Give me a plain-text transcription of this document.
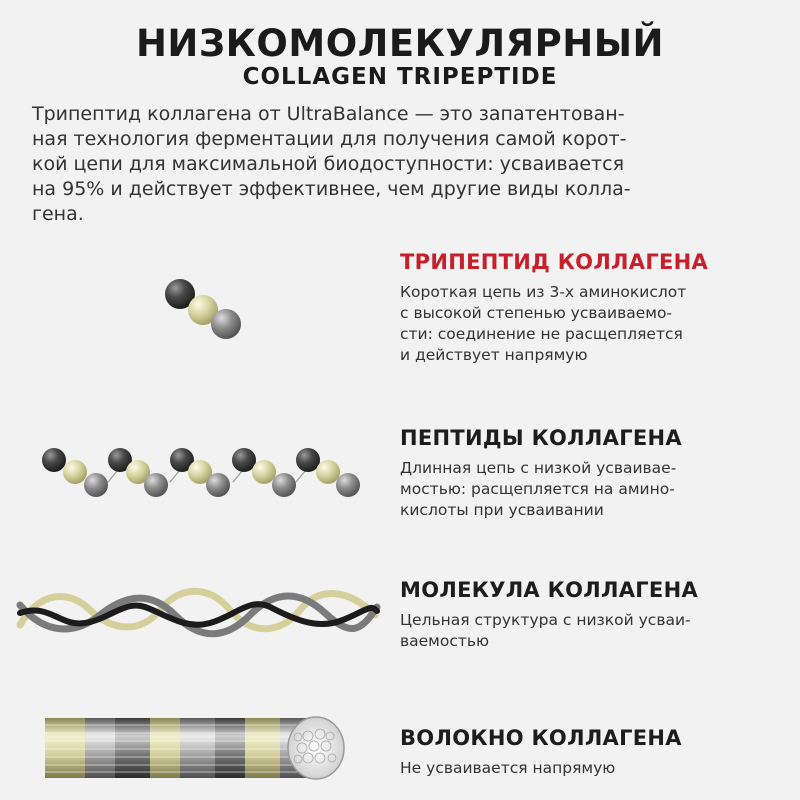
НИЗКОМОЛЕКУЛЯРНЫЙ
COLLAGEN TRIPEPTIDE

Трипептид коллагена от UltraBalance — это запатентован-
ная технология ферментации для получения самой корот-
кой цепи для максимальной биодоступности: усваивается
на 95% и действует эффективнее, чем другие виды колла-
гена.

ТРИПЕПТИД КОЛЛАГЕНА

Короткая цепь из 3-х аминокислот
с высокой степенью усваиваемо-
сти: соединение не расщепляется
и действует напрямую

ПЕПТИДЫ КОЛЛАГЕНА

Длинная цепь с низкой усваивае-
мостью: расщепляется на амино-
кислоты при усваивании

МОЛЕКУЛА КОЛЛАГЕНА

Цельная структура с низкой усваи-
ваемостью

ВОЛОКНО КОЛЛАГЕНА

Не усваивается напрямую
